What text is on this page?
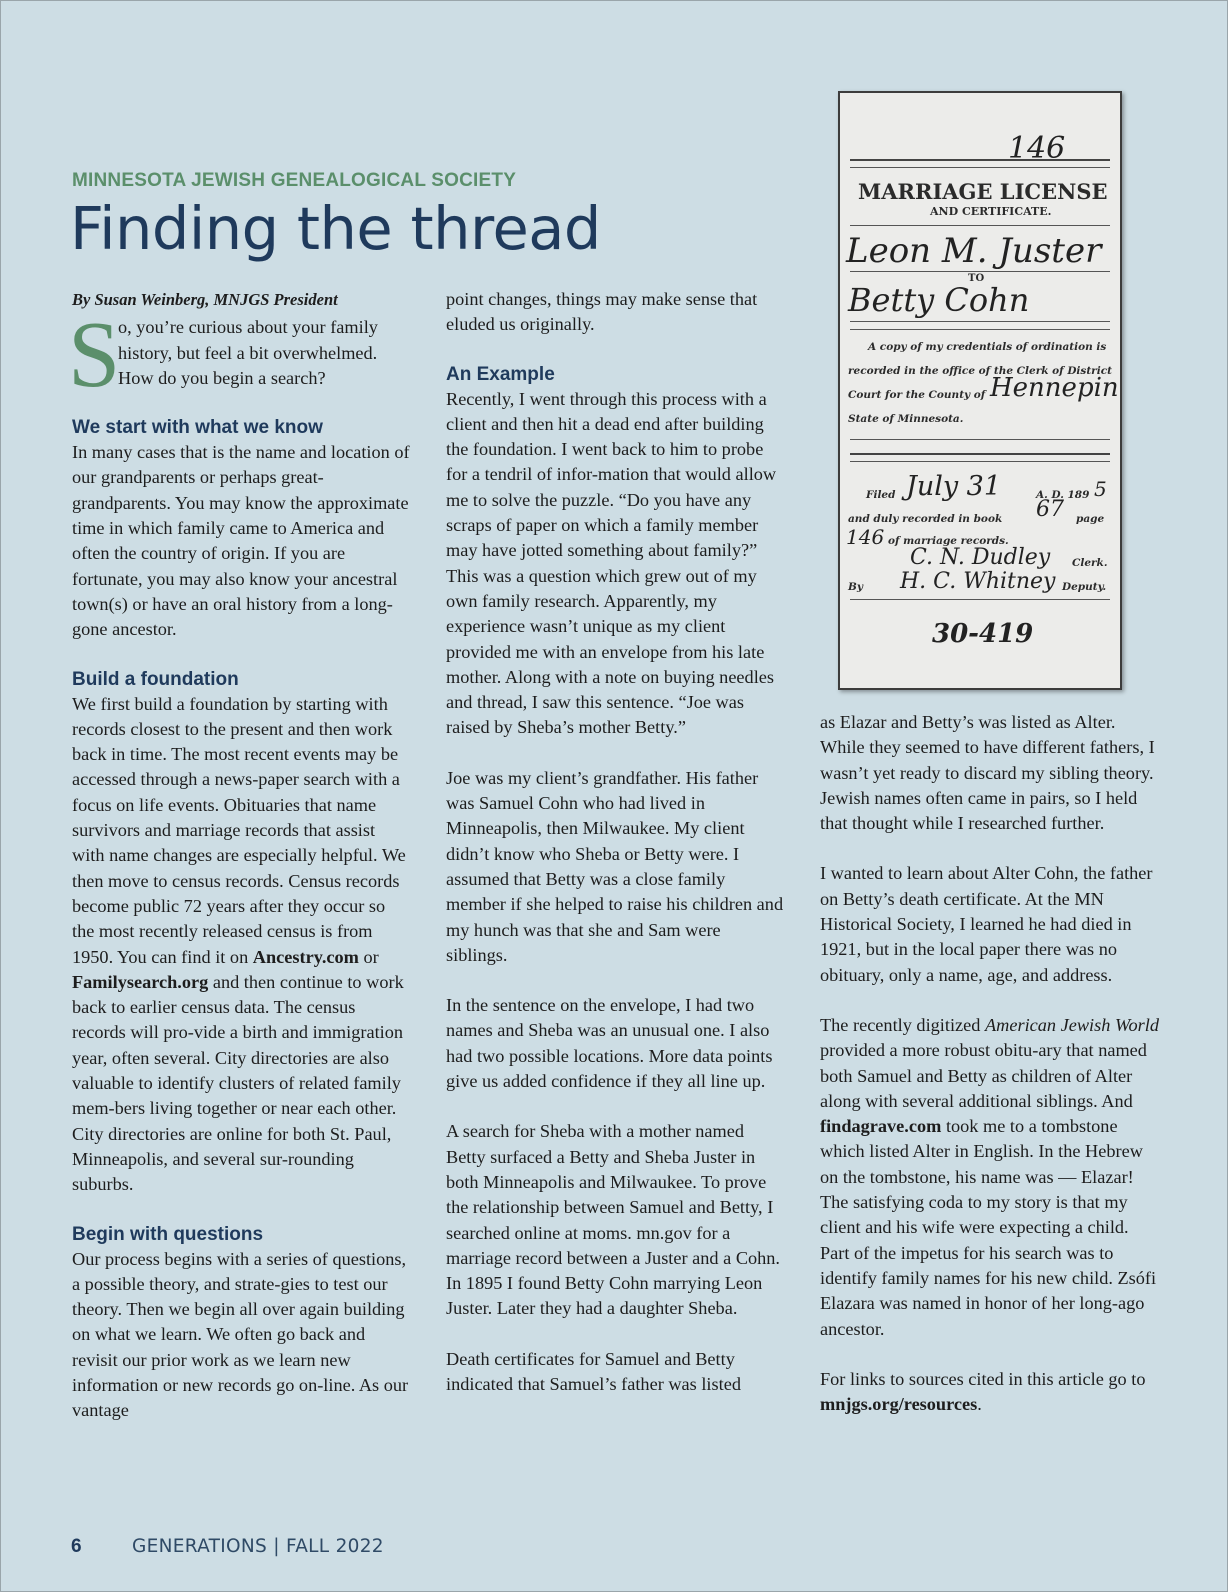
MINNESOTA JEWISH GENEALOGICAL SOCIETY
Finding the thread

By Susan Weinberg, MNJGS President

S
o, you’re curious about your family history, but feel a bit overwhelmed. How do you begin a search?

We start with what we know

In many cases that is the name and location of our grandparents or perhaps great-grandparents. You may know the approximate time in which family came to America and often the country of origin. If you are fortunate, you may also know your ancestral town(s) or have an oral history from a long-gone ancestor.

Build a foundation

We first build a foundation by starting with records closest to the present and then work back in time. The most recent events may be accessed through a news-paper search with a focus on life events. Obituaries that name survivors and marriage records that assist with name changes are especially helpful. We then move to census records. Census records become public 72 years after they occur so the most recently released census is from 1950. You can find it on Ancestry.com or Familysearch.org and then continue to work back to earlier census data. The census records will pro-vide a birth and immigration year, often several. City directories are also valuable to identify clusters of related family mem-bers living together or near each other. City directories are online for both St. Paul, Minneapolis, and several sur-rounding suburbs.

Begin with questions

Our process begins with a series of questions, a possible theory, and strate-gies to test our theory. Then we begin all over again building on what we learn. We often go back and revisit our prior work as we learn new information or new records go on-line. As our vantage

point changes, things may make sense that eluded us originally.

An Example

Recently, I went through this process with a client and then hit a dead end after building the foundation. I went back to him to probe for a tendril of infor-mation that would allow me to solve the puzzle. “Do you have any scraps of paper on which a family member may have jotted something about family?” This was a question which grew out of my own family research. Apparently, my experience wasn’t unique as my client provided me with an envelope from his late mother. Along with a note on buying needles and thread, I saw this sentence. “Joe was raised by Sheba’s mother Betty.”

Joe was my client’s grandfather. His father was Samuel Cohn who had lived in Minneapolis, then Milwaukee. My client didn’t know who Sheba or Betty were. I assumed that Betty was a close family member if she helped to raise his children and my hunch was that she and Sam were siblings.

In the sentence on the envelope, I had two names and Sheba was an unusual one. I also had two possible locations. More data points give us added confidence if they all line up.

A search for Sheba with a mother named Betty surfaced a Betty and Sheba Juster in both Minneapolis and Milwaukee. To prove the relationship between Samuel and Betty, I searched online at moms. mn.gov for a marriage record between a Juster and a Cohn. In 1895 I found Betty Cohn marrying Leon Juster. Later they had a daughter Sheba.

Death certificates for Samuel and Betty indicated that Samuel’s father was listed

146
MARRIAGE LICENSE
AND CERTIFICATE.
Leon M. Juster
TO
Betty Cohn
A copy of my credentials of ordination is
recorded in the office of the Clerk of District
Court for the County of Hennepin
State of Minnesota.
Filed July 31	A. D. 189 5
and duly recorded in book 67 page
146 of marriage records.
C. N. Dudley Clerk.
By H. C. Whitney Deputy.
30-419

as Elazar and Betty’s was listed as Alter. While they seemed to have different fathers, I wasn’t yet ready to discard my sibling theory. Jewish names often came in pairs, so I held that thought while I researched further.

I wanted to learn about Alter Cohn, the father on Betty’s death certificate. At the MN Historical Society, I learned he had died in 1921, but in the local paper there was no obituary, only a name, age, and address.

The recently digitized American Jewish World provided a more robust obitu-ary that named both Samuel and Betty as children of Alter along with several additional siblings. And findagrave.com took me to a tombstone which listed Alter in English. In the Hebrew on the tombstone, his name was — Elazar! The satisfying coda to my story is that my client and his wife were expecting a child. Part of the impetus for his search was to identify family names for his new child. Zsófi Elazara was named in honor of her long-ago ancestor.

For links to sources cited in this article go to mnjgs.org/resources.

6	GENERATIONS | FALL 2022
